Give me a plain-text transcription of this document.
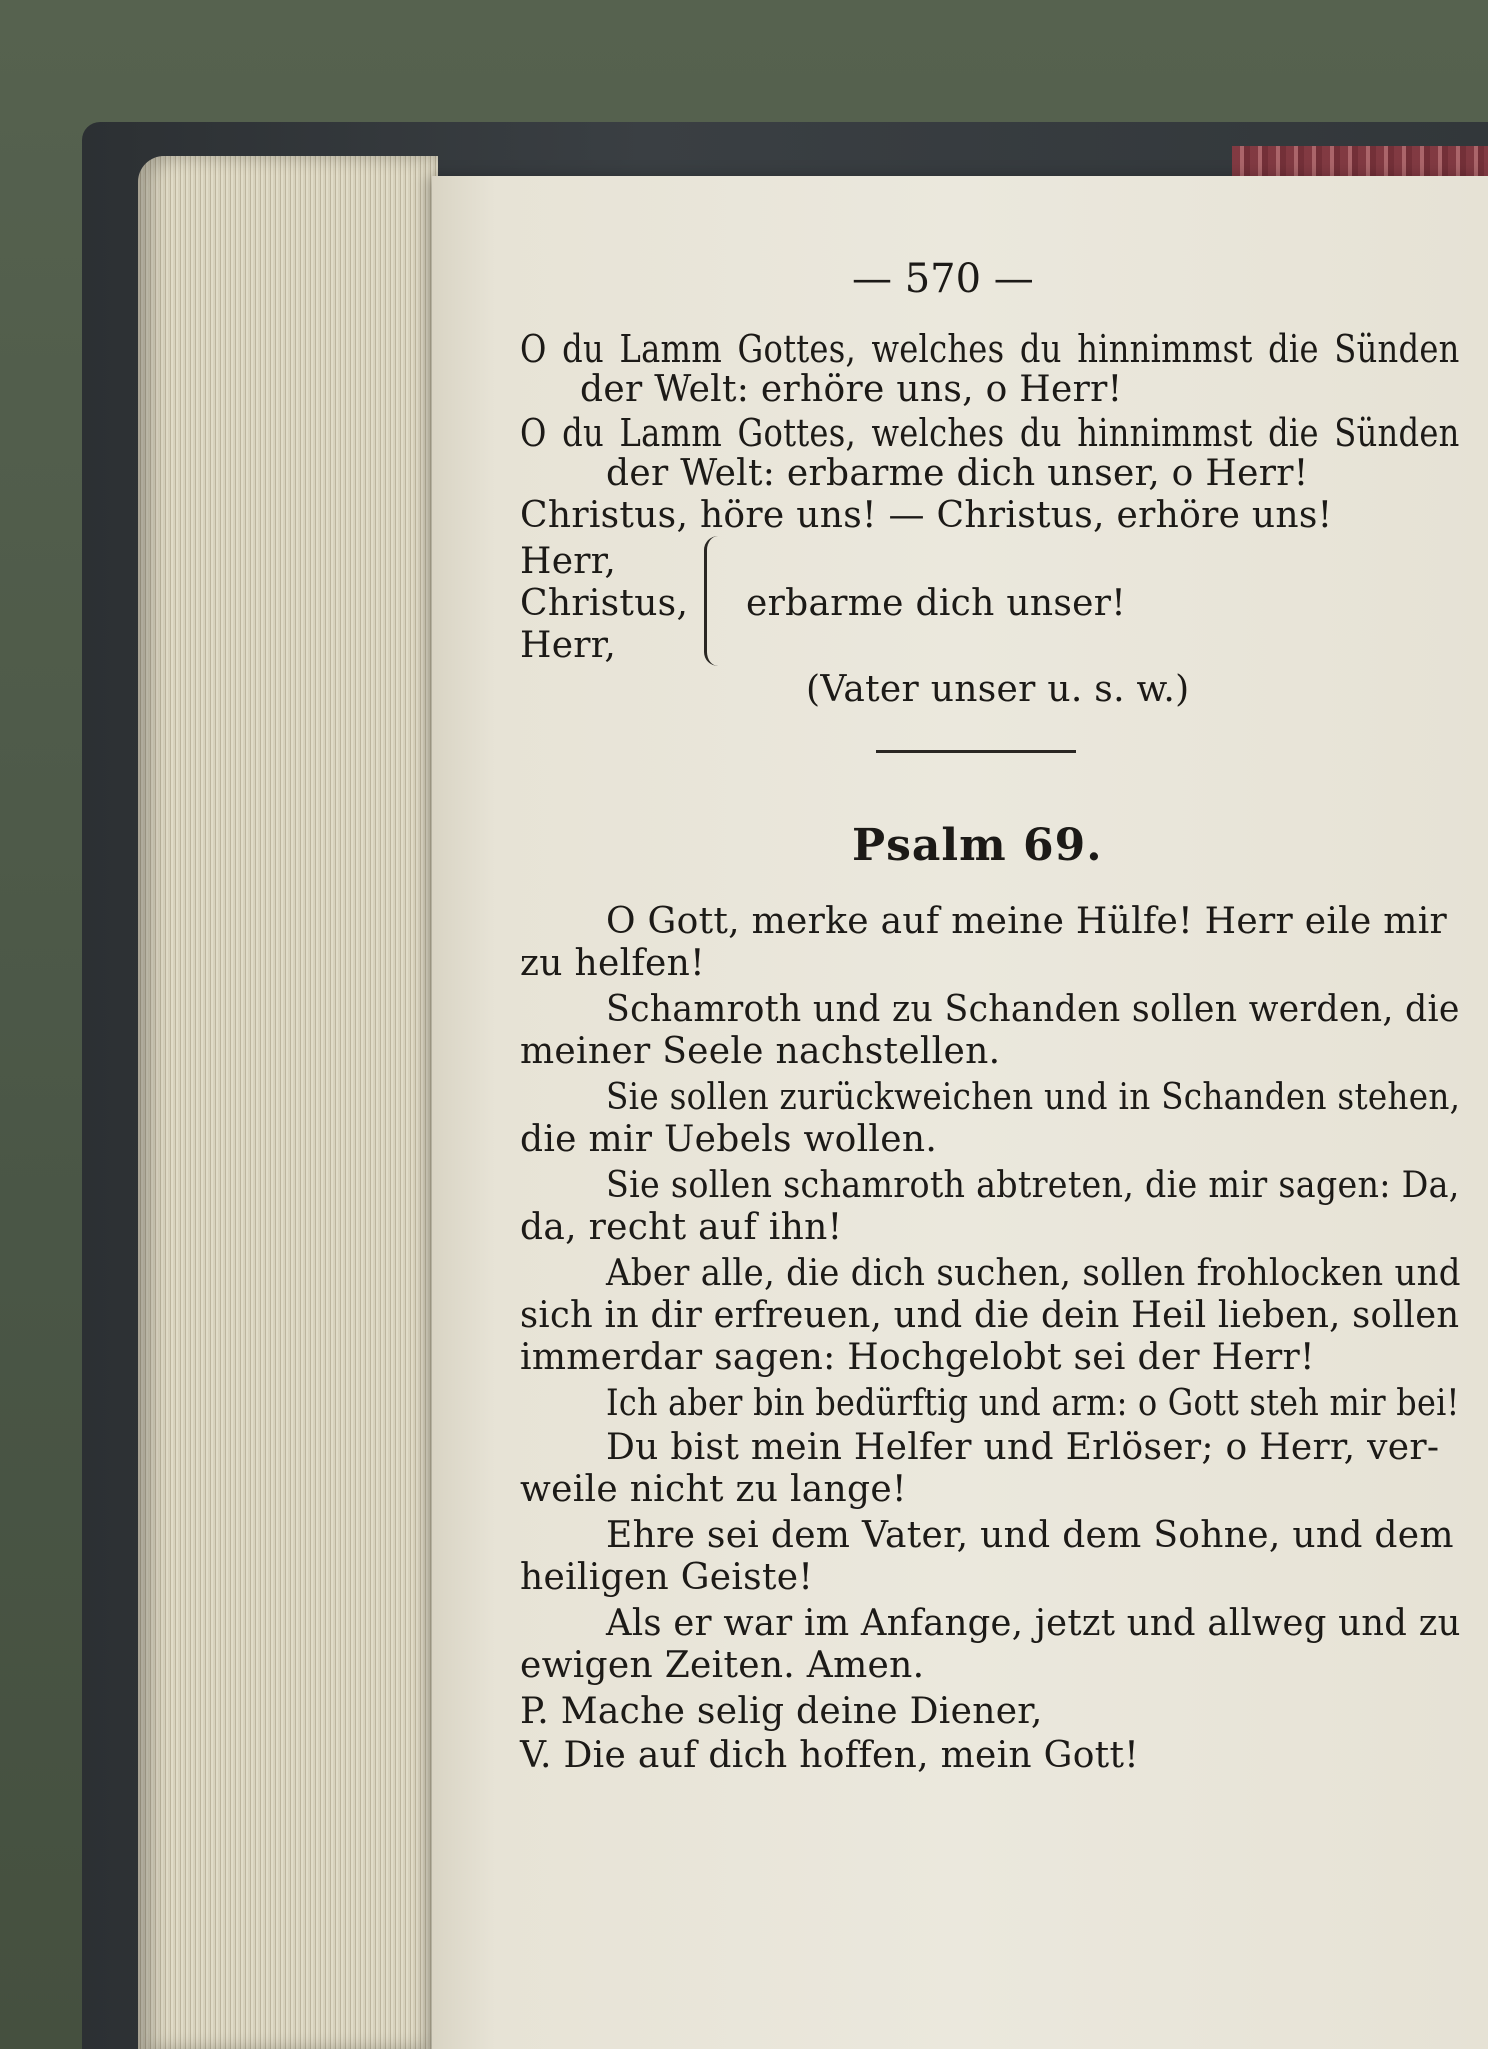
— 570 —
O du Lamm Gottes, welches du hinnimmst die Sünden
der Welt: erhöre uns, o Herr!
O du Lamm Gottes, welches du hinnimmst die Sünden
der Welt: erbarme dich unser, o Herr!
Christus, höre uns! — Christus, erhöre uns!
Herr,
Christus,
Herr,
erbarme dich unser!
(Vater unser u. s. w.)
Psalm 69.
O Gott, merke auf meine Hülfe! Herr eile mir
zu helfen!
Schamroth und zu Schanden sollen werden, die
meiner Seele nachstellen.
Sie sollen zurückweichen und in Schanden stehen,
die mir Uebels wollen.
Sie sollen schamroth abtreten, die mir sagen: Da,
da, recht auf ihn!
Aber alle, die dich suchen, sollen frohlocken und
sich in dir erfreuen, und die dein Heil lieben, sollen
immerdar sagen: Hochgelobt sei der Herr!
Ich aber bin bedürftig und arm: o Gott steh mir bei!
Du bist mein Helfer und Erlöser; o Herr, ver-
weile nicht zu lange!
Ehre sei dem Vater, und dem Sohne, und dem
heiligen Geiste!
Als er war im Anfange, jetzt und allweg und zu
ewigen Zeiten. Amen.
P. Mache selig deine Diener,
V. Die auf dich hoffen, mein Gott!
